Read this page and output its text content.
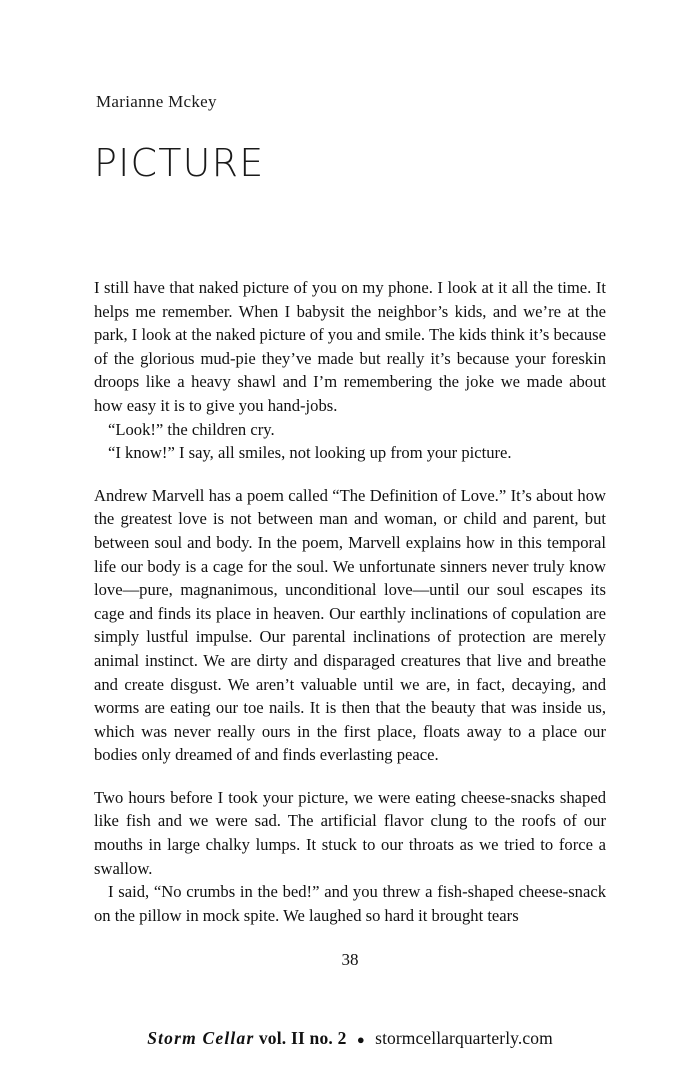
Marianne Mckey
PICTURE

I still have that naked picture of you on my phone. I look at it all the time. It helps me remember. When I babysit the neighbor’s kids, and we’re at the park, I look at the naked picture of you and smile. The kids think it’s because of the glorious mud-pie they’ve made but really it’s because your foreskin droops like a heavy shawl and I’m remembering the joke we made about how easy it is to give you hand-jobs.

“Look!” the children cry.

“I know!” I say, all smiles, not looking up from your picture.

Andrew Marvell has a poem called “The Definition of Love.” It’s about how the greatest love is not between man and woman, or child and parent, but between soul and body. In the poem, Marvell explains how in this temporal life our body is a cage for the soul. We unfortunate sinners never truly know love—pure, magnanimous, unconditional love—until our soul escapes its cage and finds its place in heaven. Our earthly inclinations of copulation are simply lustful impulse. Our parental inclinations of protection are merely animal instinct. We are dirty and disparaged creatures that live and breathe and create disgust. We aren’t valuable until we are, in fact, decaying, and worms are eating our toe nails. It is then that the beauty that was inside us, which was never really ours in the first place, floats away to a place our bodies only dreamed of and finds everlasting peace.

Two hours before I took your picture, we were eating cheese-snacks shaped like fish and we were sad. The artificial flavor clung to the roofs of our mouths in large chalky lumps. It stuck to our throats as we tried to force a swallow.

I said, “No crumbs in the bed!” and you threw a fish-shaped cheese-snack on the pillow in mock spite. We laughed so hard it brought tears

38
Storm Cellar vol. II no. 2 ● stormcellarquarterly.com
